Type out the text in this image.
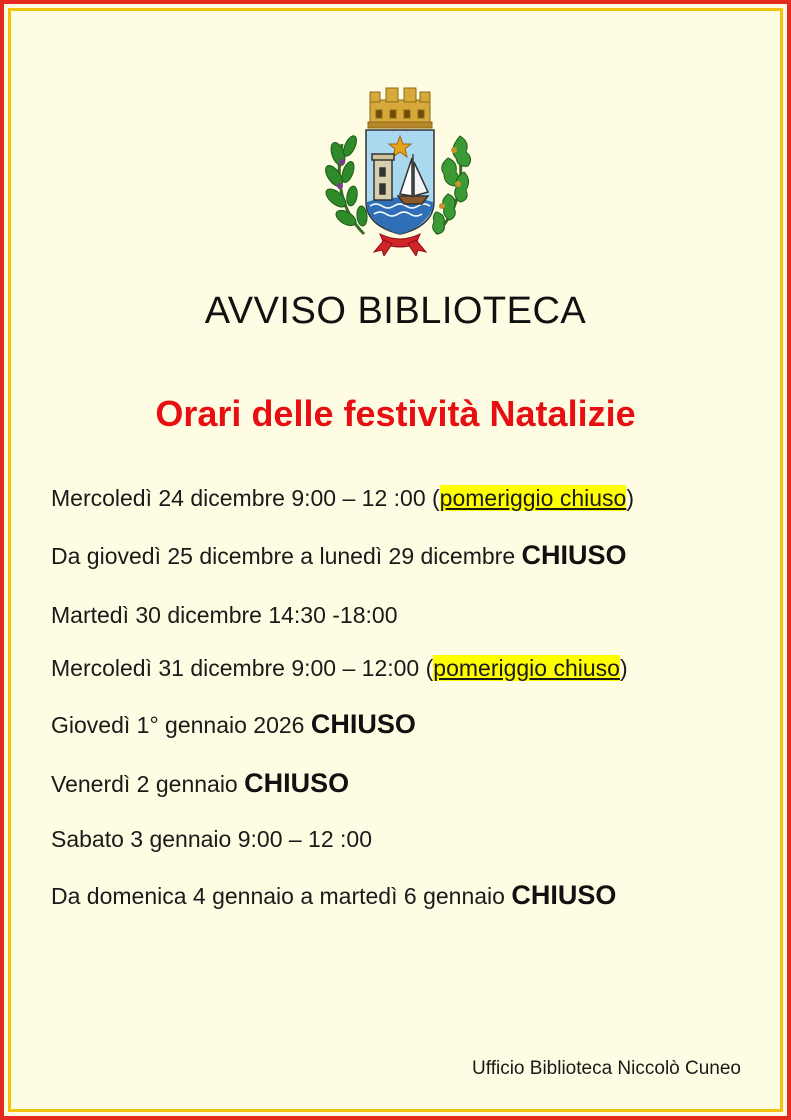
AVVISO BIBLIOTECA
Orari delle festività Natalizie
Mercoledì 24 dicembre 9:00 – 12 :00 (pomeriggio chiuso)
Da giovedì 25 dicembre a lunedì 29 dicembre CHIUSO
Martedì 30 dicembre 14:30 -18:00
Mercoledì 31 dicembre 9:00 – 12:00 (pomeriggio chiuso)
Giovedì 1° gennaio 2026 CHIUSO
Venerdì 2 gennaio CHIUSO
Sabato 3 gennaio 9:00 – 12 :00
Da domenica 4 gennaio a martedì 6 gennaio CHIUSO
Ufficio Biblioteca Niccolò Cuneo
